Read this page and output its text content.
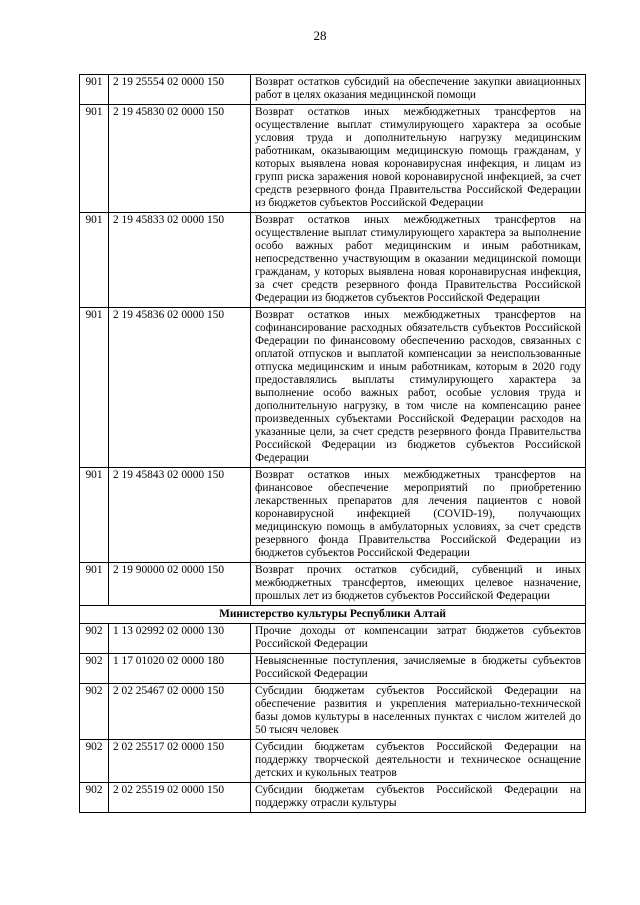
28
901	2 19 25554 02 0000 150	Возврат остатков субсидий на обеспечение закупки авиационных работ в целях оказания медицинской помощи
901	2 19 45830 02 0000 150	Возврат остатков иных межбюджетных трансфертов на осуществление выплат стимулирующего характера за особые условия труда и дополнительную нагрузку медицинским работникам, оказывающим медицинскую помощь гражданам, у которых выявлена новая коронавирусная инфекция, и лицам из групп риска заражения новой коронавирусной инфекцией, за счет средств резервного фонда Правительства Российской Федерации из бюджетов субъектов Российской Федерации
901	2 19 45833 02 0000 150	Возврат остатков иных межбюджетных трансфертов на осуществление выплат стимулирующего характера за выполнение особо важных работ медицинским и иным работникам, непосредственно участвующим в оказании медицинской помощи гражданам, у которых выявлена новая коронавирусная инфекция, за счет средств резервного фонда Правительства Российской Федерации из бюджетов субъектов Российской Федерации
901	2 19 45836 02 0000 150	Возврат остатков иных межбюджетных трансфертов на софинансирование расходных обязательств субъектов Российской Федерации по финансовому обеспечению расходов, связанных с оплатой отпусков и выплатой компенсации за неиспользованные отпуска медицинским и иным работникам, которым в 2020 году предоставлялись выплаты стимулирующего характера за выполнение особо важных работ, особые условия труда и дополнительную нагрузку, в том числе на компенсацию ранее произведенных субъектами Российской Федерации расходов на указанные цели, за счет средств резервного фонда Правительства Российской Федерации из бюджетов субъектов Российской Федерации
901	2 19 45843 02 0000 150	Возврат остатков иных межбюджетных трансфертов на финансовое обеспечение мероприятий по приобретению лекарственных препаратов для лечения пациентов с новой коронавирусной инфекцией (COVID-19), получающих медицинскую помощь в амбулаторных условиях, за счет средств резервного фонда Правительства Российской Федерации из бюджетов субъектов Российской Федерации
901	2 19 90000 02 0000 150	Возврат прочих остатков субсидий, субвенций и иных межбюджетных трансфертов, имеющих целевое назначение, прошлых лет из бюджетов субъектов Российской Федерации
Министерство культуры Республики Алтай		
902	1 13 02992 02 0000 130	Прочие доходы от компенсации затрат бюджетов субъектов Российской Федерации
902	1 17 01020 02 0000 180	Невыясненные поступления, зачисляемые в бюджеты субъектов Российской Федерации
902	2 02 25467 02 0000 150	Субсидии бюджетам субъектов Российской Федерации на обеспечение развития и укрепления материально-технической базы домов культуры в населенных пунктах с числом жителей до 50 тысяч человек
902	2 02 25517 02 0000 150	Субсидии бюджетам субъектов Российской Федерации на поддержку творческой деятельности и техническое оснащение детских и кукольных театров
902	2 02 25519 02 0000 150	Субсидии бюджетам субъектов Российской Федерации на поддержку отрасли культуры
